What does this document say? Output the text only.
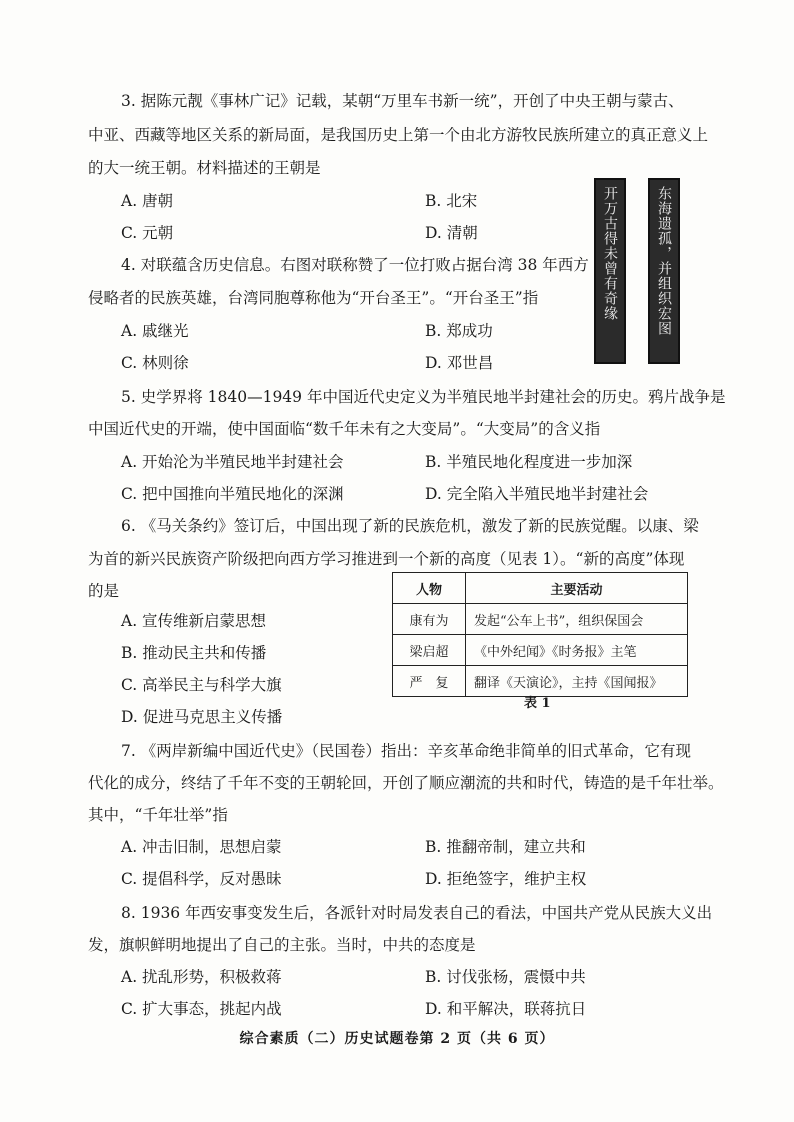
3. 据陈元靓《事林广记》记载，某朝“万里车书新一统”，开创了中央王朝与蒙古、
中亚、西藏等地区关系的新局面，是我国历史上第一个由北方游牧民族所建立的真正意义上
的大一统王朝。材料描述的王朝是
A. 唐朝	B. 北宋
C. 元朝	D. 清朝
4. 对联蕴含历史信息。右图对联称赞了一位打败占据台湾 38 年西方
侵略者的民族英雄，台湾同胞尊称他为“开台圣王”。“开台圣王”指
A. 戚继光	B. 郑成功
C. 林则徐	D. 邓世昌
开万古得未曾有奇缘	东海遗孤，并组织宏图
5. 史学界将 1840—1949 年中国近代史定义为半殖民地半封建社会的历史。鸦片战争是
中国近代史的开端，使中国面临“数千年未有之大变局”。“大变局”的含义指
A. 开始沦为半殖民地半封建社会	B. 半殖民地化程度进一步加深
C. 把中国推向半殖民地化的深渊	D. 完全陷入半殖民地半封建社会
6. 《马关条约》签订后，中国出现了新的民族危机，激发了新的民族觉醒。以康、梁
为首的新兴民族资产阶级把向西方学习推进到一个新的高度（见表 1）。“新的高度”体现
的是
A. 宣传维新启蒙思想
B. 推动民主共和传播
C. 高举民主与科学大旗
D. 促进马克思主义传播
人物	主要活动
康有为	发起“公车上书”，组织保国会
梁启超	《中外纪闻》《时务报》主笔
严　复	翻译《天演论》，主持《国闻报》
表 1
7. 《两岸新编中国近代史》（民国卷）指出：辛亥革命绝非简单的旧式革命，它有现
代化的成分，终结了千年不变的王朝轮回，开创了顺应潮流的共和时代，铸造的是千年壮举。
其中，“千年壮举”指
A. 冲击旧制，思想启蒙	B. 推翻帝制，建立共和
C. 提倡科学，反对愚昧	D. 拒绝签字，维护主权
8. 1936 年西安事变发生后，各派针对时局发表自己的看法，中国共产党从民族大义出
发，旗帜鲜明地提出了自己的主张。当时，中共的态度是
A. 扰乱形势，积极救蒋	B. 讨伐张杨，震慑中共
C. 扩大事态，挑起内战	D. 和平解决，联蒋抗日
综合素质（二）历史试题卷第 2 页（共 6 页）
